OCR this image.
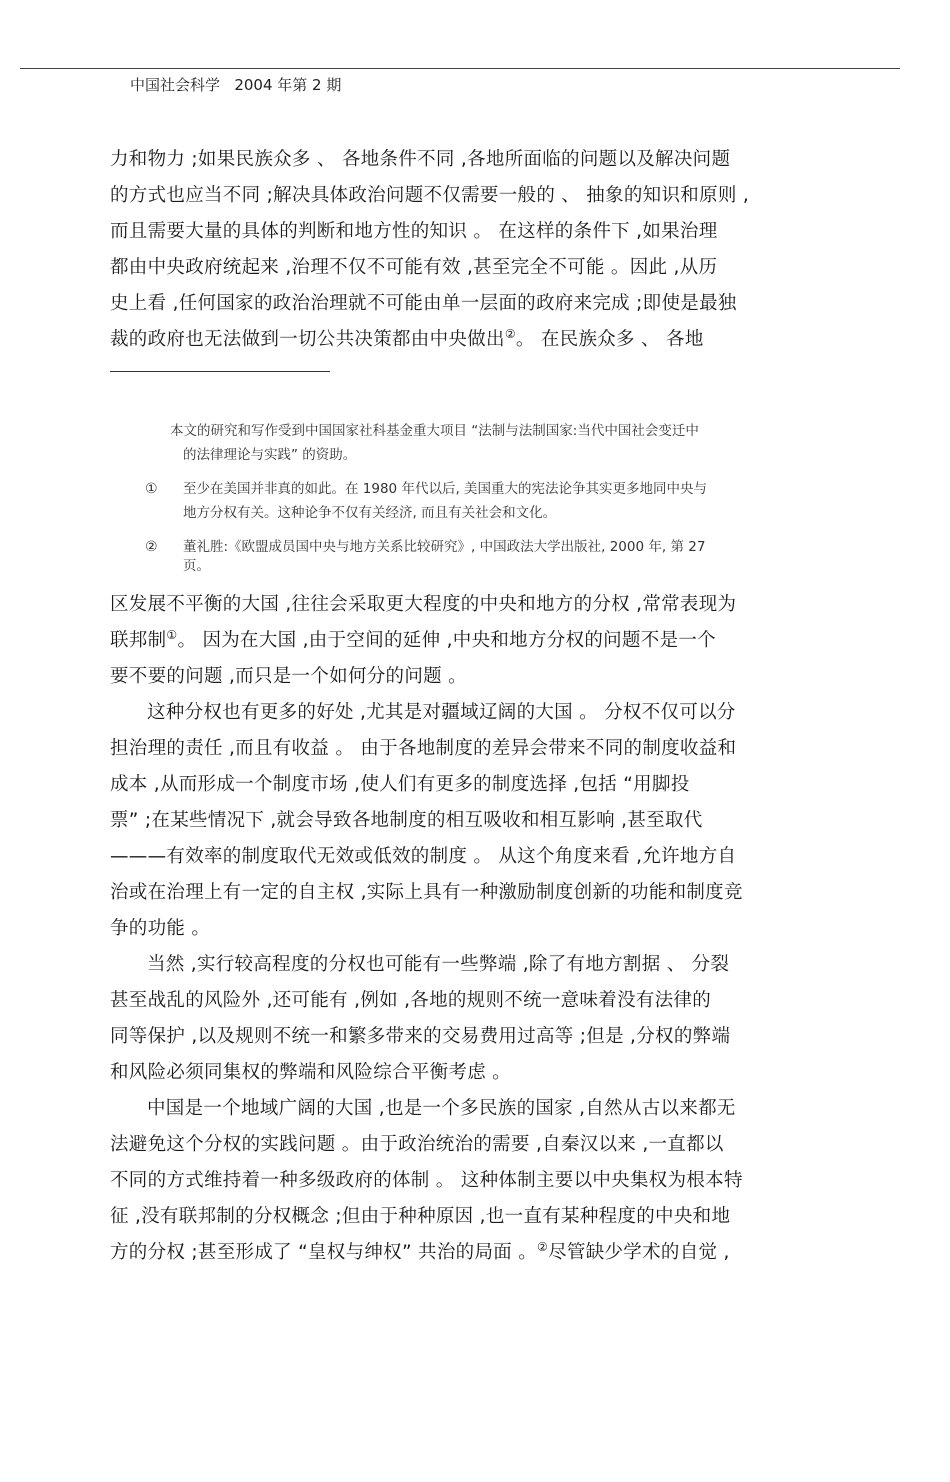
中国社会科学 2004 年第 2 期
力和物力 ;如果民族众多 、 各地条件不同 ,各地所面临的问题以及解决问题
的方式也应当不同 ;解决具体政治问题不仅需要一般的 、 抽象的知识和原则 ,
而且需要大量的具体的判断和地方性的知识 。 在这样的条件下 ,如果治理
都由中央政府统起来 ,治理不仅不可能有效 ,甚至完全不可能 。因此 ,从历
史上看 ,任何国家的政治治理就不可能由单一层面的政府来完成 ;即使是最独
裁的政府也无法做到一切公共决策都由中央做出②。 在民族众多 、 各地
本文的研究和写作受到中国国家社科基金重大项目 “法制与法制国家:当代中国社会变迁中
的法律理论与实践” 的资助。
①	至少在美国并非真的如此。在 1980 年代以后, 美国重大的宪法论争其实更多地同中央与
地方分权有关。这种论争不仅有关经济, 而且有关社会和文化。
②	董礼胜:《欧盟成员国中央与地方关系比较研究》, 中国政法大学出版社, 2000 年, 第 27
页。
区发展不平衡的大国 ,往往会采取更大程度的中央和地方的分权 ,常常表现为
联邦制①。 因为在大国 ,由于空间的延伸 ,中央和地方分权的问题不是一个
要不要的问题 ,而只是一个如何分的问题 。
这种分权也有更多的好处 ,尤其是对疆域辽阔的大国 。 分权不仅可以分
担治理的责任 ,而且有收益 。 由于各地制度的差异会带来不同的制度收益和
成本 ,从而形成一个制度市场 ,使人们有更多的制度选择 ,包括 “用脚投
票” ;在某些情况下 ,就会导致各地制度的相互吸收和相互影响 ,甚至取代
———有效率的制度取代无效或低效的制度 。 从这个角度来看 ,允许地方自
治或在治理上有一定的自主权 ,实际上具有一种激励制度创新的功能和制度竞
争的功能 。
当然 ,实行较高程度的分权也可能有一些弊端 ,除了有地方割据 、 分裂
甚至战乱的风险外 ,还可能有 ,例如 ,各地的规则不统一意味着没有法律的
同等保护 ,以及规则不统一和繁多带来的交易费用过高等 ;但是 ,分权的弊端
和风险必须同集权的弊端和风险综合平衡考虑 。
中国是一个地域广阔的大国 ,也是一个多民族的国家 ,自然从古以来都无
法避免这个分权的实践问题 。由于政治统治的需要 ,自秦汉以来 ,一直都以
不同的方式维持着一种多级政府的体制 。 这种体制主要以中央集权为根本特
征 ,没有联邦制的分权概念 ;但由于种种原因 ,也一直有某种程度的中央和地
方的分权 ;甚至形成了 “皇权与绅权” 共治的局面 。②尽管缺少学术的自觉 ,
